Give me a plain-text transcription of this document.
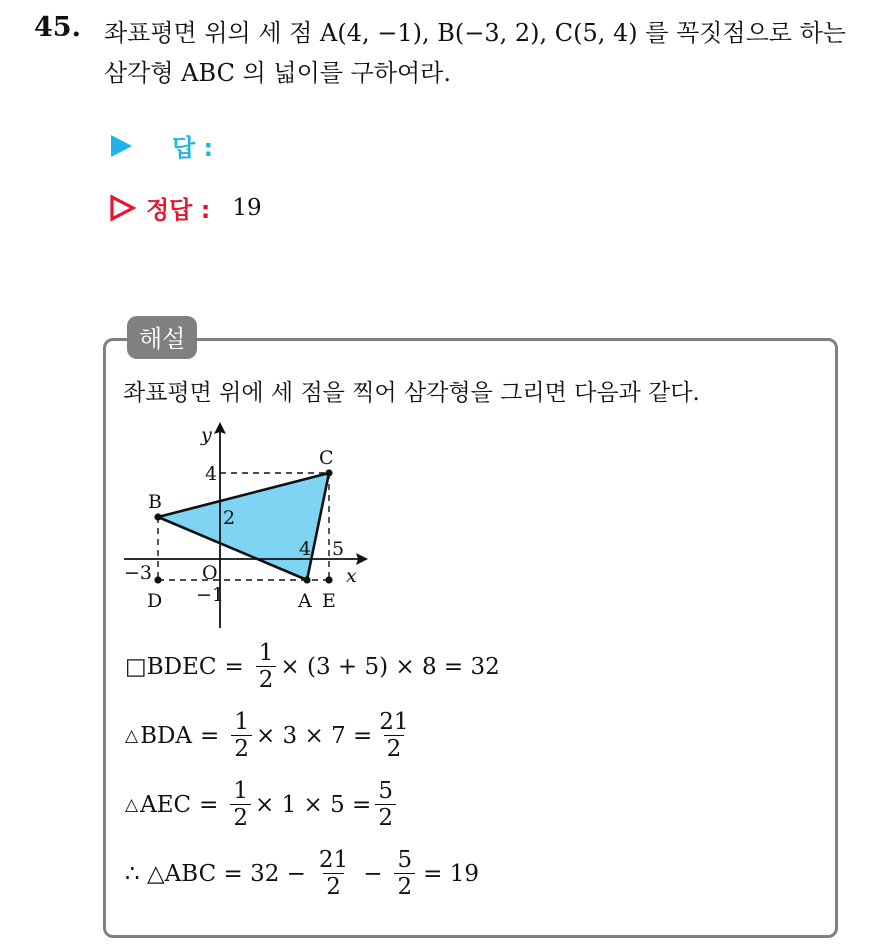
45. 좌표평면 위의 세 점 A(4, −1), B(−3, 2), C(5, 4) 를 꼭짓점으로 하는
삼각형 ABC 의 넓이를 구하여라.
답 :
정답 : 19
해설
좌표평면 위에 세 점을 찍어 삼각형을 그리면 다음과 같다.
y
x
O
C
B
A E
D
4
2
4 5
−3
−1
□BDEC = $\frac{1}{2} \times (3 + 5) \times 8 = 32$
△ BDA = $\frac{1}{2} \times 3 \times 7 = \frac{21}{2}$
△ AEC = $\frac{1}{2} \times 1 \times 5 = \frac{5}{2}$
∴ △ABC = $32 - \frac{21}{2} - \frac{5}{2} = 19$
